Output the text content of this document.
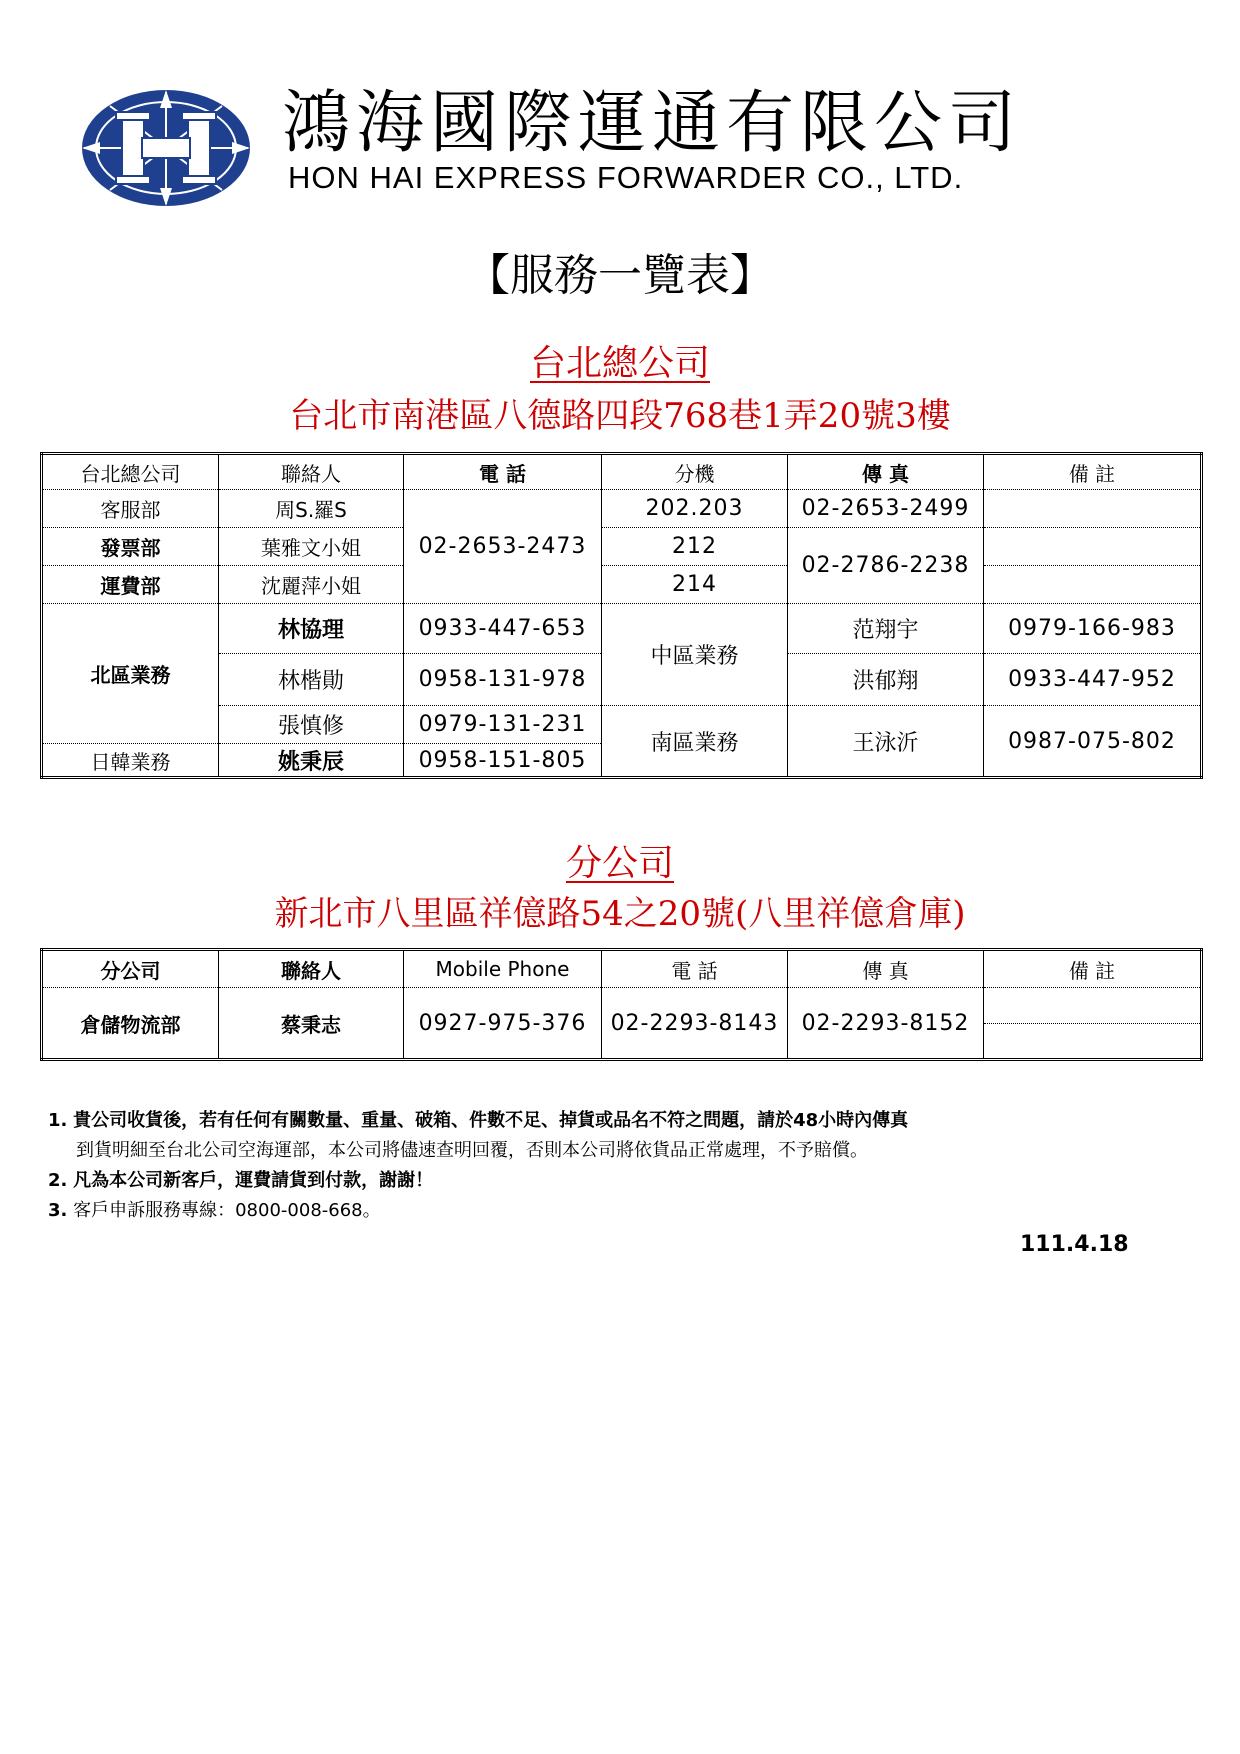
鴻海國際運通有限公司
HON HAI EXPRESS FORWARDER CO., LTD.
【服務一覽表】
台北總公司
台北市南港區八德路四段768巷1弄20號3樓
台北總公司	聯絡人	電 話	分機	傳 真	備 註
客服部	周S.羅S	02-2653-2473	202.203	02-2653-2499	
發票部	葉雅文小姐		212	02-2786-2238	
運費部	沈麗萍小姐		214		
北區業務	林協理	0933-447-653	中區業務	范翔宇	0979-166-983
	林楷勛	0958-131-978		洪郁翔	0933-447-952
	張慎修	0979-131-231	南區業務	王泳沂	0987-075-802
日韓業務	姚秉辰	0958-151-805			
分公司
新北市八里區祥億路54之20號(八里祥億倉庫)
分公司	聯絡人	Mobile Phone	電 話	傳 真	備 註
倉儲物流部	蔡秉志	0927-975-376	02-2293-8143	02-2293-8152	

1. 貴公司收貨後，若有任何有關數量、重量、破箱、件數不足、掉貨或品名不符之問題，請於48小時內傳真
到貨明細至台北公司空海運部，本公司將儘速查明回覆，否則本公司將依貨品正常處理，不予賠償。
2. 凡為本公司新客戶，運費請貨到付款，謝謝！
3. 客戶申訴服務專線：0800-008-668。
111.4.18
